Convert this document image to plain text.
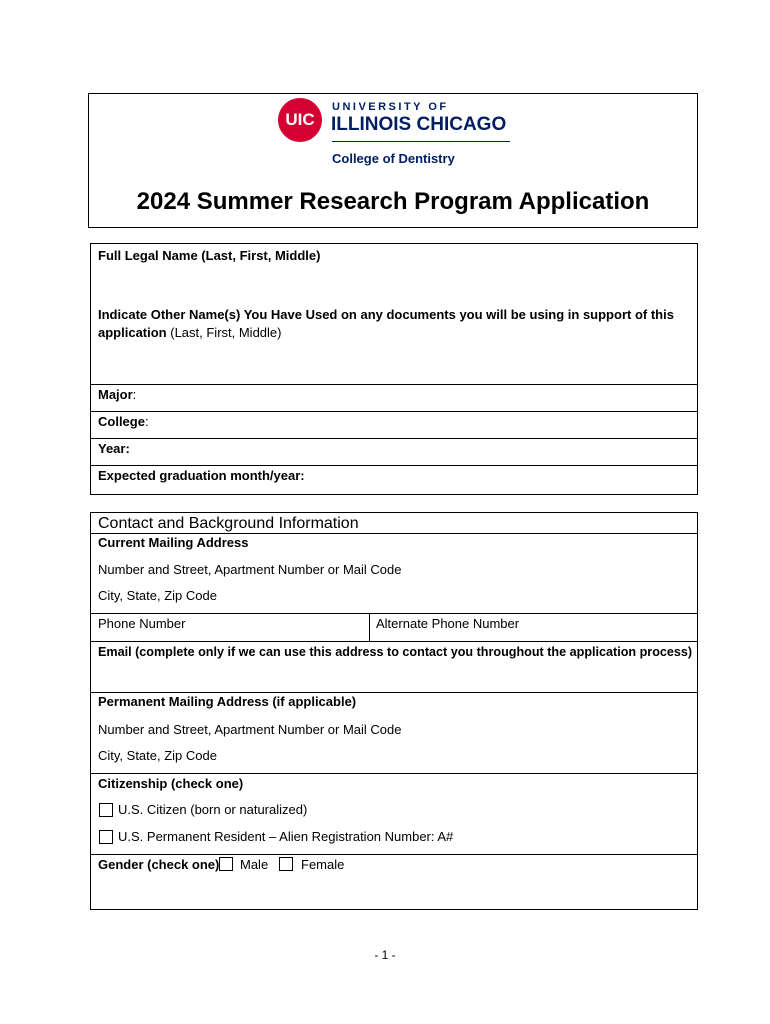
UIC
UNIVERSITY OF
ILLINOIS CHICAGO
College of Dentistry
2024 Summer Research Program Application
Full Legal Name (Last, First, Middle)
Indicate Other Name(s) You Have Used on any documents you will be using in support of this
application (Last, First, Middle)
Major:
College:
Year:
Expected graduation month/year:
Contact and Background Information
Current Mailing Address
Number and Street, Apartment Number or Mail Code
City, State, Zip Code
Phone Number	Alternate Phone Number
Email (complete only if we can use this address to contact you throughout the application process)
Permanent Mailing Address (if applicable)
Number and Street, Apartment Number or Mail Code
City, State, Zip Code
Citizenship (check one)
U.S. Citizen (born or naturalized)
U.S. Permanent Resident – Alien Registration Number: A#
Gender (check one) Male	Female
- 1 -
